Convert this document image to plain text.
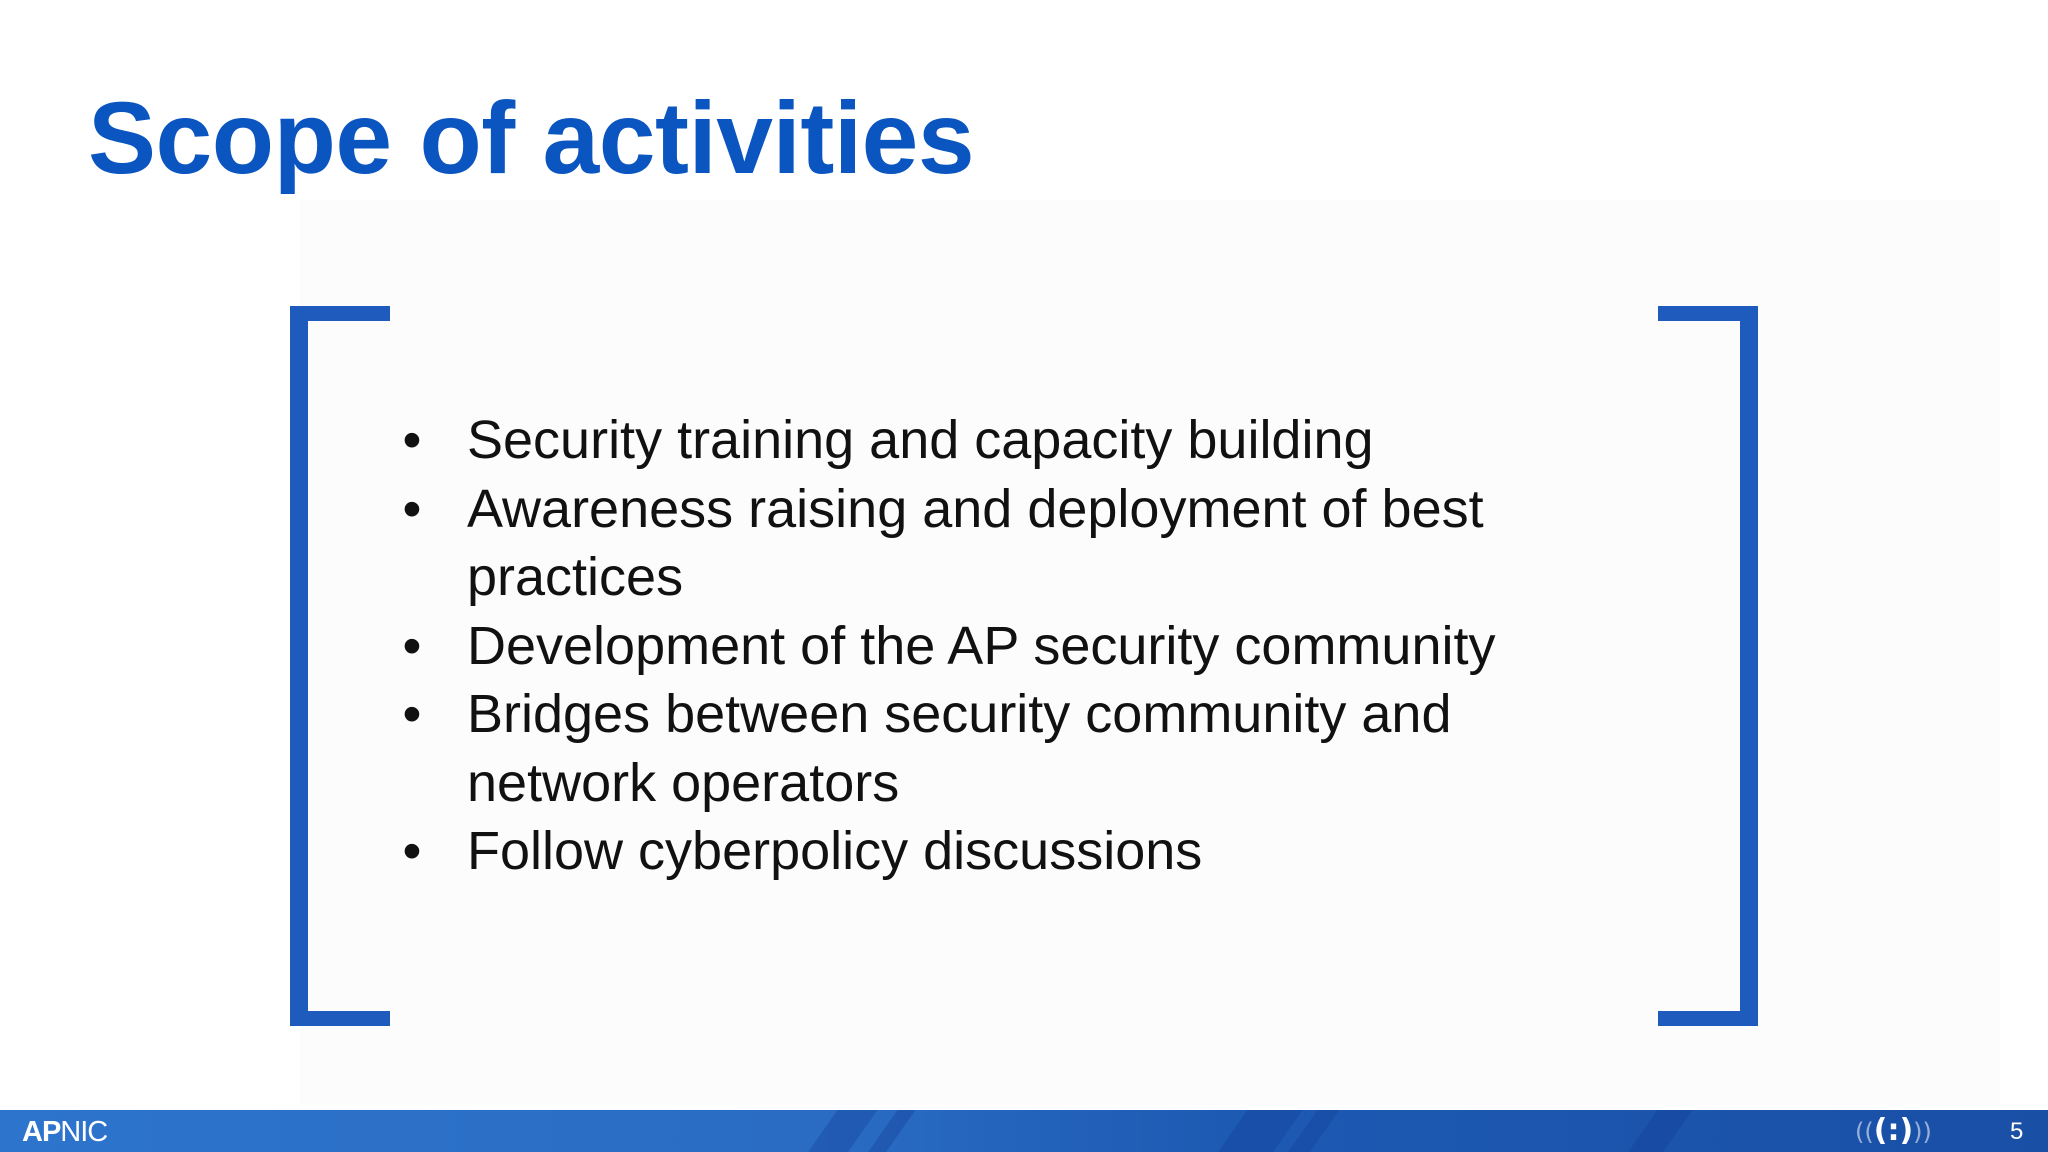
Scope of activities
• Security training and capacity building
• Awareness raising and deployment of best practices
• Development of the AP security community
• Bridges between security community and network operators
• Follow cyberpolicy discussions
APNIC	(((:)))	5
